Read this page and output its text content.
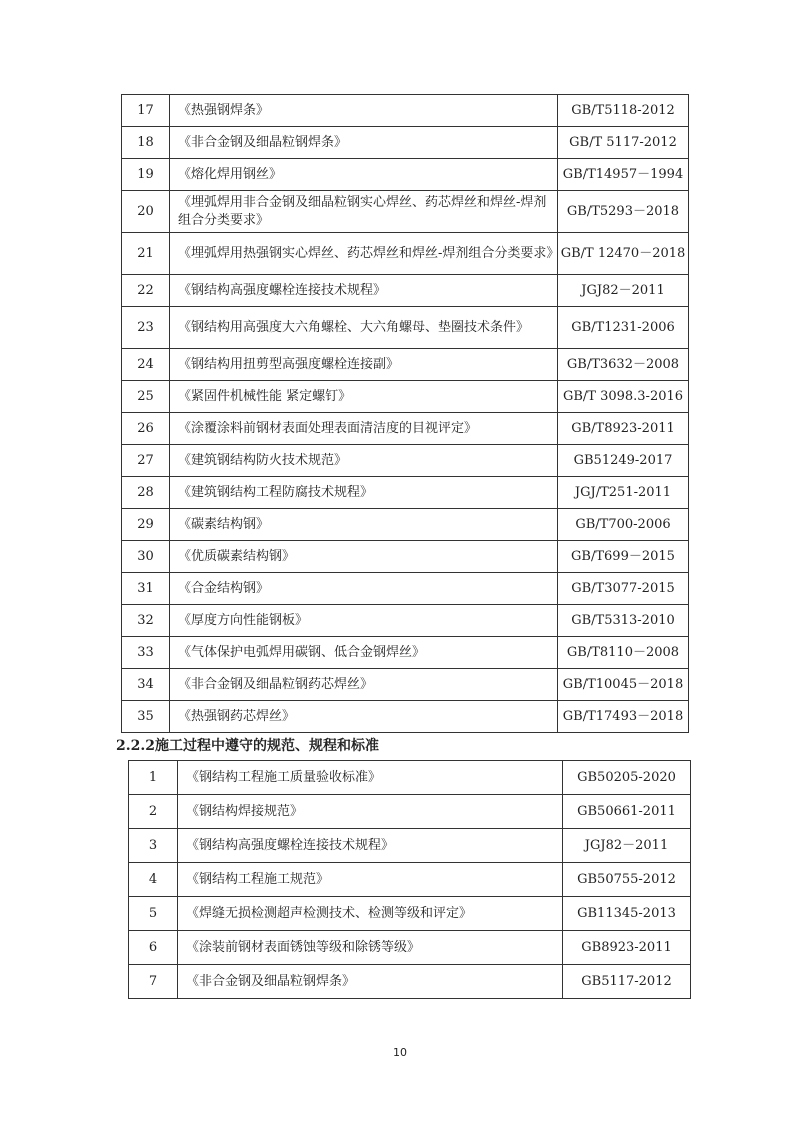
17	《热强钢焊条》	GB/T5118-2012
18	《非合金钢及细晶粒钢焊条》	GB/T 5117-2012
19	《熔化焊用钢丝》	GB/T14957－1994
20	《埋弧焊用非合金钢及细晶粒钢实心焊丝、药芯焊丝和焊丝-焊剂组合分类要求》	GB/T5293－2018
21	《埋弧焊用热强钢实心焊丝、药芯焊丝和焊丝-焊剂组合分类要求》	GB/T 12470－2018
22	《钢结构高强度螺栓连接技术规程》	JGJ82－2011
23	《钢结构用高强度大六角螺栓、大六角螺母、垫圈技术条件》	GB/T1231-2006
24	《钢结构用扭剪型高强度螺栓连接副》	GB/T3632－2008
25	《紧固件机械性能 紧定螺钉》	GB/T 3098.3-2016
26	《涂覆涂料前钢材表面处理表面清洁度的目视评定》	GB/T8923-2011
27	《建筑钢结构防火技术规范》	GB51249-2017
28	《建筑钢结构工程防腐技术规程》	JGJ/T251-2011
29	《碳素结构钢》	GB/T700-2006
30	《优质碳素结构钢》	GB/T699－2015
31	《合金结构钢》	GB/T3077-2015
32	《厚度方向性能钢板》	GB/T5313-2010
33	《气体保护电弧焊用碳钢、低合金钢焊丝》	GB/T8110－2008
34	《非合金钢及细晶粒钢药芯焊丝》	GB/T10045－2018
35	《热强钢药芯焊丝》	GB/T17493－2018
2.2.2施工过程中遵守的规范、规程和标准
1	《钢结构工程施工质量验收标准》	GB50205-2020
2	《钢结构焊接规范》	GB50661-2011
3	《钢结构高强度螺栓连接技术规程》	JGJ82－2011
4	《钢结构工程施工规范》	GB50755-2012
5	《焊缝无损检测超声检测技术、检测等级和评定》	GB11345-2013
6	《涂装前钢材表面锈蚀等级和除锈等级》	GB8923-2011
7	《非合金钢及细晶粒钢焊条》	GB5117-2012
10
